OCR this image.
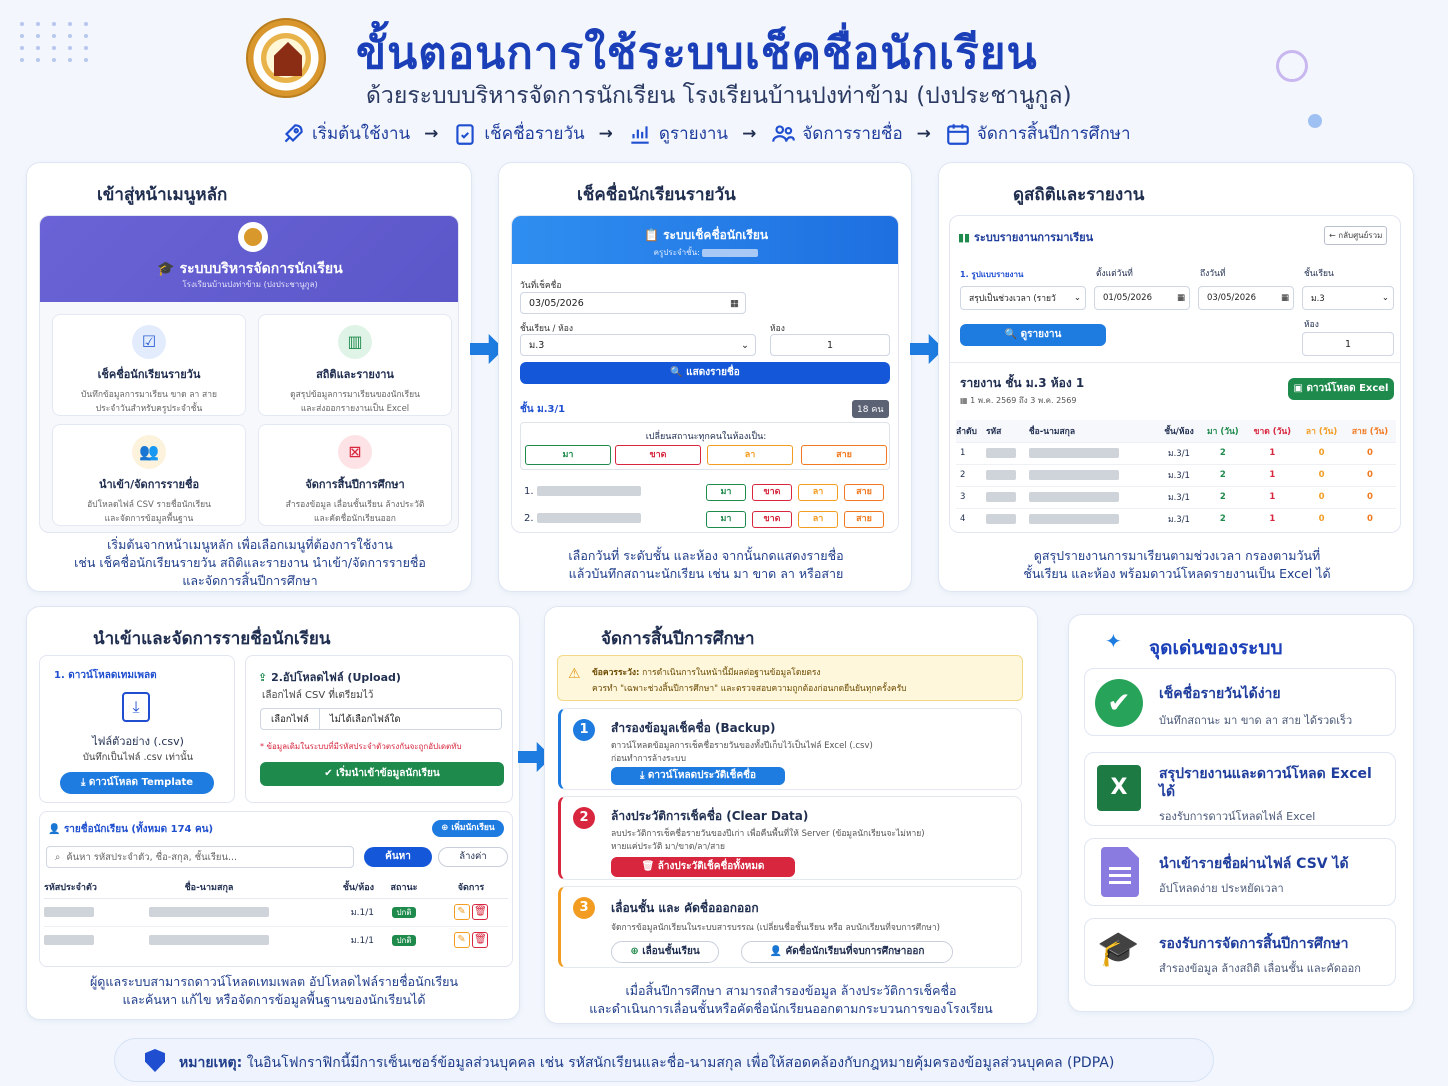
ขั้นตอนการใช้ระบบเช็คชื่อนักเรียน
ด้วยระบบบริหารจัดการนักเรียน โรงเรียนบ้านปงท่าข้าม (ปงประชานูกูล)
เริ่มต้นใช้งาน →	เช็คชื่อรายวัน →	ดูรายงาน →	จัดการรายชื่อ →	จัดการสิ้นปีการศึกษา
เข้าสู่หน้าเมนูหลัก
🎓 ระบบบริหารจัดการนักเรียน
โรงเรียนบ้านปงท่าข้าม (ปงประชานูกูล)
☑
เช็คชื่อนักเรียนรายวัน
บันทึกข้อมูลการมาเรียน ขาด ลา สาย
ประจำวันสำหรับครูประจำชั้น
▥
สถิติและรายงาน
ดูสรุปข้อมูลการมาเรียนของนักเรียน
และส่งออกรายงานเป็น Excel
👥
นำเข้า/จัดการรายชื่อ
อัปโหลดไฟล์ CSV รายชื่อนักเรียน
และจัดการข้อมูลพื้นฐาน
⊠
จัดการสิ้นปีการศึกษา
สำรองข้อมูล เลื่อนชั้นเรียน ล้างประวัติ
และคัดชื่อนักเรียนออก
เริ่มต้นจากหน้าเมนูหลัก เพื่อเลือกเมนูที่ต้องการใช้งาน
เช่น เช็คชื่อนักเรียนรายวัน สถิติและรายงาน นำเข้า/จัดการรายชื่อ
และจัดการสิ้นปีการศึกษา
เช็คชื่อนักเรียนรายวัน
📋 ระบบเช็คชื่อนักเรียน
ครูประจำชั้น:
วันที่เช็คชื่อ
03/05/2026	▦
ชั้นเรียน / ห้อง	ห้อง
ม.3	⌄	1
🔍 แสดงรายชื่อ
ชั้น ม.3/1	18 คน
เปลี่ยนสถานะทุกคนในห้องเป็น:
มา	ขาด	ลา	สาย
1.	มา	ขาด	ลา	สาย
2.	มา	ขาด	ลา	สาย
เลือกวันที่ ระดับชั้น และห้อง จากนั้นกดแสดงรายชื่อ
แล้วบันทึกสถานะนักเรียน เช่น มา ขาด ลา หรือสาย
ดูสถิติและรายงาน
▮▮ ระบบรายงานการมาเรียน	← กลับศูนย์รวม
1. รูปแบบรายงาน	ตั้งแต่วันที่	ถึงวันที่	ชั้นเรียน
สรุปเป็นช่วงเวลา (รายวั ⌄	01/05/2026	▦	03/05/2026	▦	ม.3	⌄
ห้อง
🔍 ดูรายงาน
1
รายงาน ชั้น ม.3 ห้อง 1
▦ 1 พ.ค. 2569 ถึง 3 พ.ค. 2569
▣ ดาวน์โหลด Excel
ลำดับ	รหัส	ชื่อ-นามสกุล	ชั้น/ห้อง	มา (วัน)	ขาด (วัน)	ลา (วัน)	สาย (วัน)
1			ม.3/1	2	1	0	0
2			ม.3/1	2	1	0	0
3			ม.3/1	2	1	0	0
4			ม.3/1	2	1	0	0
ดูสรุปรายงานการมาเรียนตามช่วงเวลา กรองตามวันที่
ชั้นเรียน และห้อง พร้อมดาวน์โหลดรายงานเป็น Excel ได้
นำเข้าและจัดการรายชื่อนักเรียน
1. ดาวน์โหลดเทมเพลต
⤓
ไฟล์ตัวอย่าง (.csv)
บันทึกเป็นไฟล์ .csv เท่านั้น
⤓ ดาวน์โหลด Template
⇪ 2.อัปโหลดไฟล์ (Upload)
เลือกไฟล์ CSV ที่เตรียมไว้
เลือกไฟล์	ไม่ได้เลือกไฟล์ใด
* ข้อมูลเดิมในระบบที่มีรหัสประจำตัวตรงกันจะถูกอัปเดตทับ
✔ เริ่มนำเข้าข้อมูลนักเรียน
👤 รายชื่อนักเรียน (ทั้งหมด 174 คน)	⊕ เพิ่มนักเรียน
⌕ ค้นหา รหัสประจำตัว, ชื่อ-สกุล, ชั้นเรียน...	ค้นหา	ล้างค่า
รหัสประจำตัว	ชื่อ-นามสกุล	ชั้น/ห้อง	สถานะ	จัดการ
		ม.1/1	ปกติ	✎ 🗑
		ม.1/1	ปกติ	✎ 🗑
ผู้ดูแลระบบสามารถดาวน์โหลดเทมเพลต อัปโหลดไฟล์รายชื่อนักเรียน
และค้นหา แก้ไข หรือจัดการข้อมูลพื้นฐานของนักเรียนได้
จัดการสิ้นปีการศึกษา
⚠ ข้อควรระวัง: การดำเนินการในหน้านี้มีผลต่อฐานข้อมูลโดยตรง
ควรทำ "เฉพาะช่วงสิ้นปีการศึกษา" และตรวจสอบความถูกต้องก่อนกดยืนยันทุกครั้งครับ
1	สำรองข้อมูลเช็คชื่อ (Backup)
ดาวน์โหลดข้อมูลการเช็คชื่อรายวันของทั้งปีเก็บไว้เป็นไฟล์ Excel (.csv)
ก่อนทำการล้างระบบ
⤓ ดาวน์โหลดประวัติเช็คชื่อ
2	ล้างประวัติการเช็คชื่อ (Clear Data)
ลบประวัติการเช็คชื่อรายวันของปีเก่า เพื่อคืนพื้นที่ให้ Server (ข้อมูลนักเรียนจะไม่หาย)
หายแค่ประวัติ มา/ขาด/ลา/สาย
🗑 ล้างประวัติเช็คชื่อทั้งหมด
3	เลื่อนชั้น และ คัดชื่อออกออก
จัดการข้อมูลนักเรียนในระบบสารบรรณ (เปลี่ยนชื่อชั้นเรียน หรือ ลบนักเรียนที่จบการศึกษา)
⊕ เลื่อนชั้นเรียน	👤 คัดชื่อนักเรียนที่จบการศึกษาออก
เมื่อสิ้นปีการศึกษา สามารถสำรองข้อมูล ล้างประวัติการเช็คชื่อ
และดำเนินการเลื่อนชั้นหรือคัดชื่อนักเรียนออกตามกระบวนการของโรงเรียน
✦ จุดเด่นของระบบ
✔	เช็คชื่อรายวันได้ง่าย
บันทึกสถานะ มา ขาด ลา สาย ได้รวดเร็ว
X
สรุปรายงานและดาวน์โหลด Excel ได้
รองรับการดาวน์โหลดไฟล์ Excel
นำเข้ารายชื่อผ่านไฟล์ CSV ได้
อัปโหลดง่าย ประหยัดเวลา
🎓 รองรับการจัดการสิ้นปีการศึกษา
สำรองข้อมูล ล้างสถิติ เลื่อนชั้น และคัดออก
หมายเหตุ: ในอินโฟกราฟิกนี้มีการเซ็นเซอร์ข้อมูลส่วนบุคคล เช่น รหัสนักเรียนและชื่อ-นามสกุล เพื่อให้สอดคล้องกับกฎหมายคุ้มครองข้อมูลส่วนบุคคล (PDPA)
